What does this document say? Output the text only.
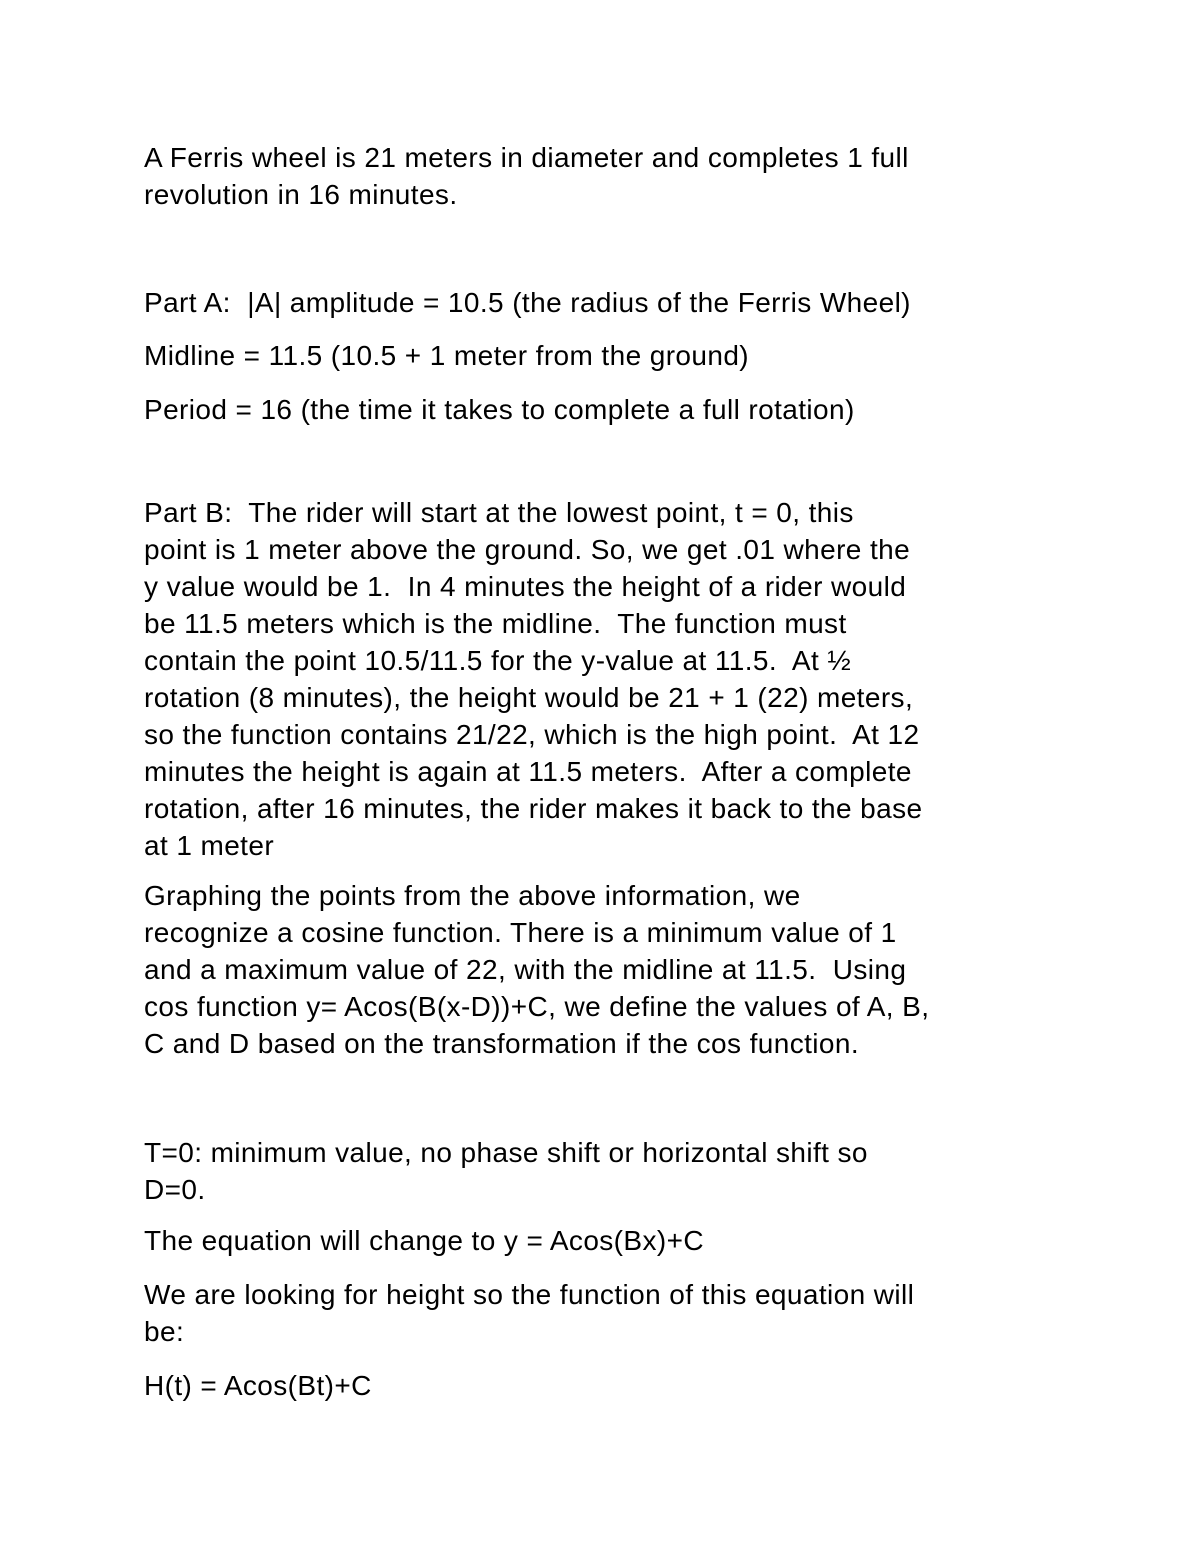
A Ferris wheel is 21 meters in diameter and completes 1 full
revolution in 16 minutes.
Part A:  |A| amplitude = 10.5 (the radius of the Ferris Wheel)
Midline = 11.5 (10.5 + 1 meter from the ground)
Period = 16 (the time it takes to complete a full rotation)
Part B:  The rider will start at the lowest point, t = 0, this
point is 1 meter above the ground. So, we get .01 where the
y value would be 1.  In 4 minutes the height of a rider would
be 11.5 meters which is the midline.  The function must
contain the point 10.5/11.5 for the y-value at 11.5.  At ½
rotation (8 minutes), the height would be 21 + 1 (22) meters,
so the function contains 21/22, which is the high point.  At 12
minutes the height is again at 11.5 meters.  After a complete
rotation, after 16 minutes, the rider makes it back to the base
at 1 meter
Graphing the points from the above information, we
recognize a cosine function. There is a minimum value of 1
and a maximum value of 22, with the midline at 11.5.  Using
cos function y= Acos(B(x-D))+C, we define the values of A, B,
C and D based on the transformation if the cos function.
T=0: minimum value, no phase shift or horizontal shift so
D=0.
The equation will change to y = Acos(Bx)+C
We are looking for height so the function of this equation will
be:
H(t) = Acos(Bt)+C
